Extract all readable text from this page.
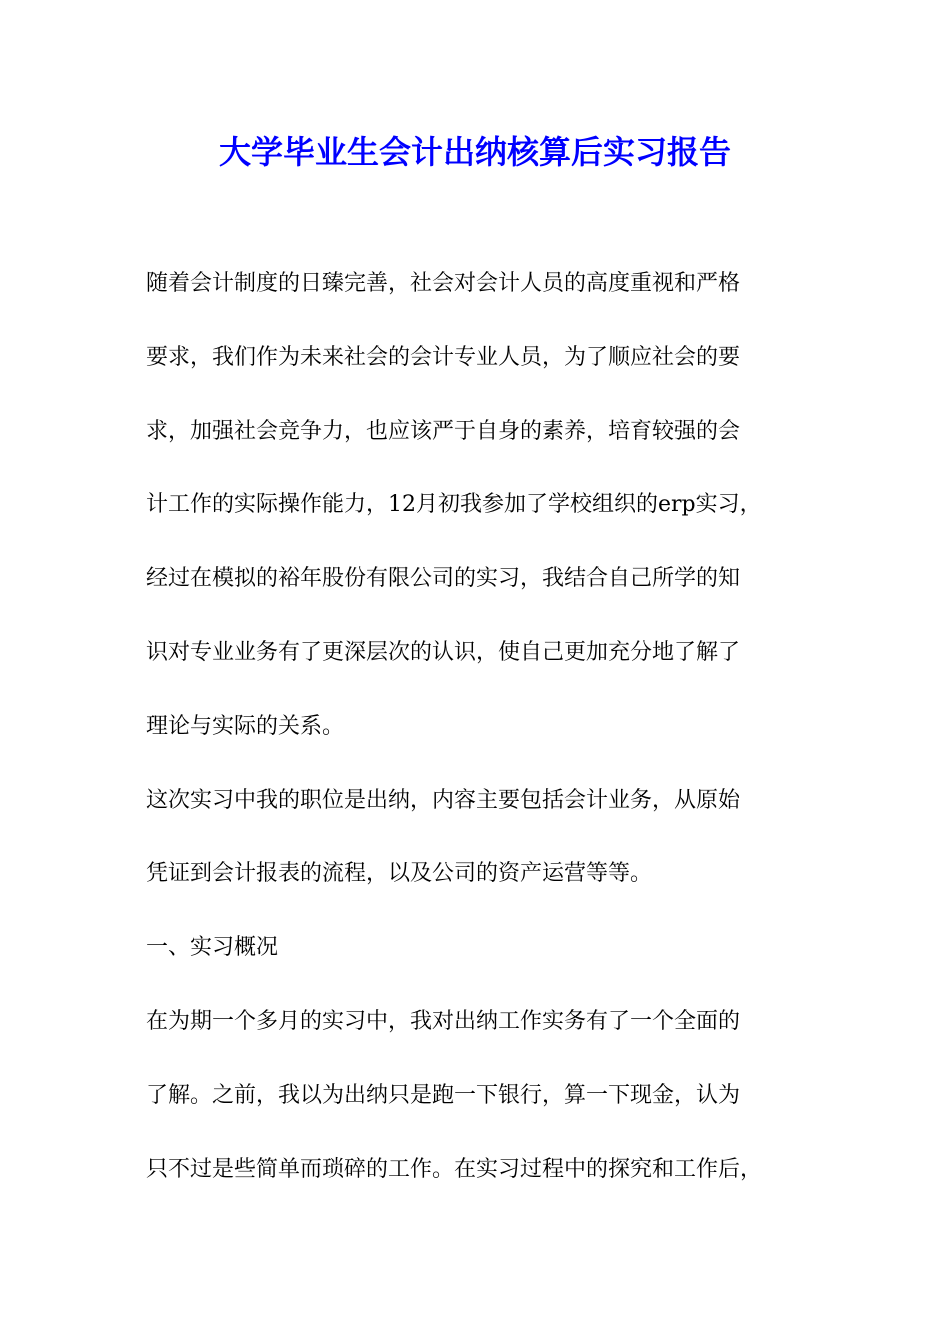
大学毕业生会计出纳核算后实习报告

随着会计制度的日臻完善，社会对会计人员的高度重视和严格

要求，我们作为未来社会的会计专业人员，为了顺应社会的要

求，加强社会竞争力，也应该严于自身的素养，培育较强的会

计工作的实际操作能力，12月初我参加了学校组织的erp实习，

经过在模拟的裕年股份有限公司的实习，我结合自己所学的知

识对专业业务有了更深层次的认识，使自己更加充分地了解了

理论与实际的关系。

这次实习中我的职位是出纳，内容主要包括会计业务，从原始

凭证到会计报表的流程，以及公司的资产运营等等。

一、实习概况

在为期一个多月的实习中，我对出纳工作实务有了一个全面的

了解。之前，我以为出纳只是跑一下银行，算一下现金，认为

只不过是些简单而琐碎的工作。在实习过程中的探究和工作后，
